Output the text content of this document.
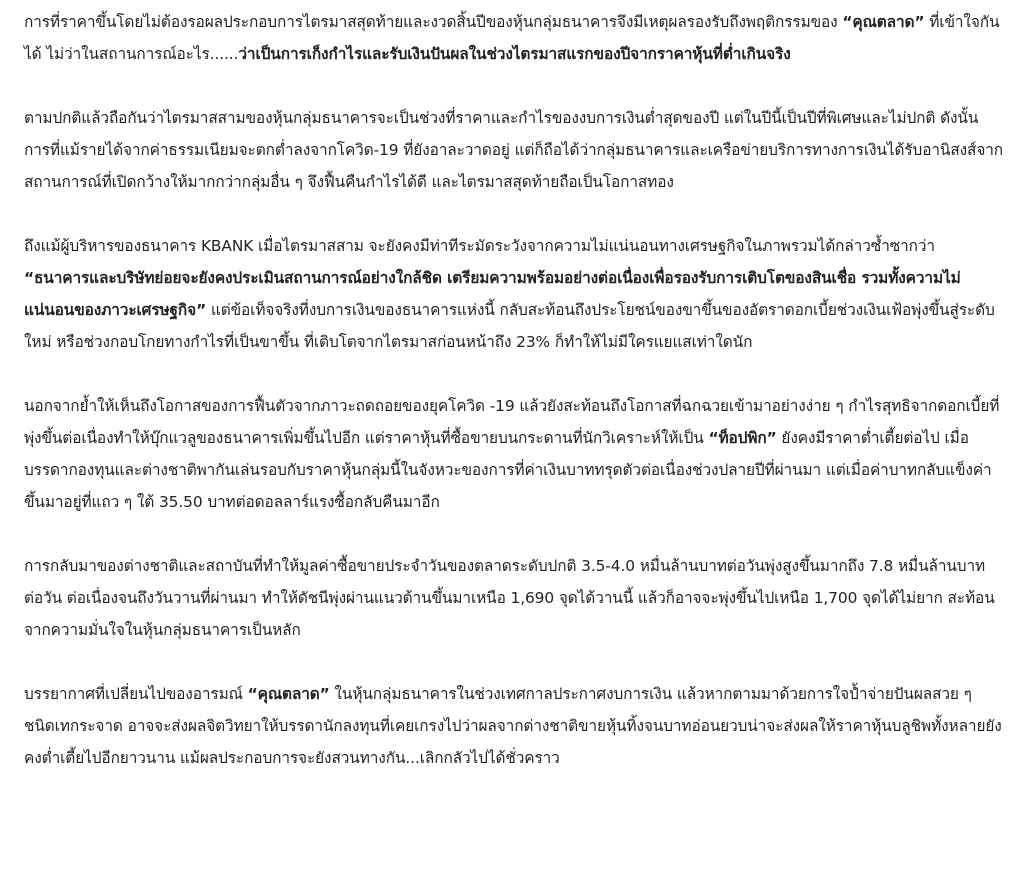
การที่ราคาขึ้นโดยไม่ต้องรอผลประกอบการไตรมาสสุดท้ายและงวดสิ้นปีของหุ้นกลุ่มธนาคารจึงมีเหตุผลรองรับถึงพฤติกรรมของ “คุณตลาด” ที่เข้าใจกันได้ ไม่ว่าในสถานการณ์อะไร......ว่าเป็นการเก็งกำไรและรับเงินปันผลในช่วงไตรมาสแรกของปีจากราคาหุ้นที่ต่ำเกินจริง

ตามปกติแล้วถือกันว่าไตรมาสสามของหุ้นกลุ่มธนาคารจะเป็นช่วงที่ราคาและกำไรของงบการเงินต่ำสุดของปี แต่ในปีนี้เป็นปีที่พิเศษและไม่ปกติ ดังนั้น การที่แม้รายได้จากค่าธรรมเนียมจะตกต่ำลงจากโควิด-19 ที่ยังอาละวาดอยู่ แต่ก็ถือได้ว่ากลุ่มธนาคารและเครือข่ายบริการทางการเงินได้รับอานิสงส์จากสถานการณ์ที่เปิดกว้างให้มากกว่ากลุ่มอื่น ๆ จึงฟื้นคืนกำไรได้ดี และไตรมาสสุดท้ายถือเป็นโอกาสทอง

ถึงแม้ผู้บริหารของธนาคาร KBANK เมื่อไตรมาสสาม จะยังคงมีท่าทีระมัดระวังจากความไม่แน่นอนทางเศรษฐกิจในภาพรวมได้กล่าวซ้ำซากว่า “ธนาคารและบริษัทย่อยจะยังคงประเมินสถานการณ์อย่างใกล้ชิด เตรียมความพร้อมอย่างต่อเนื่องเพื่อรองรับการเติบโตของสินเชื่อ รวมทั้งความไม่แน่นอนของภาวะเศรษฐกิจ” แต่ข้อเท็จจริงที่งบการเงินของธนาคารแห่งนี้ กลับสะท้อนถึงประโยชน์ของขาขึ้นของอัตราดอกเบี้ยช่วงเงินเฟ้อพุ่งขึ้นสู่ระดับใหม่ หรือช่วงกอบโกยทางกำไรที่เป็นขาขึ้น ที่เติบโตจากไตรมาสก่อนหน้าถึง 23% ก็ทำให้ไม่มีใครแยแสเท่าใดนัก

นอกจากย้ำให้เห็นถึงโอกาสของการฟื้นตัวจากภาวะถดถอยของยุคโควิด -19 แล้วยังสะท้อนถึงโอกาสที่ฉกฉวยเข้ามาอย่างง่าย ๆ กำไรสุทธิจากดอกเบี้ยที่พุ่งขึ้นต่อเนื่องทำให้บุ๊กแวลูของธนาคารเพิ่มขึ้นไปอีก แต่ราคาหุ้นที่ซื้อขายบนกระดานที่นักวิเคราะห์ให้เป็น “ท็อปพิก” ยังคงมีราคาต่ำเตี้ยต่อไป เมื่อบรรดากองทุนและต่างชาติพากันเล่นรอบกับราคาหุ้นกลุ่มนี้ในจังหวะของการที่ค่าเงินบาททรุดตัวต่อเนื่องช่วงปลายปีที่ผ่านมา แต่เมื่อค่าบาทกลับแข็งค่าขึ้นมาอยู่ที่แถว ๆ ใต้ 35.50 บาทต่อดอลลาร์แรงซื้อกลับคืนมาอีก

การกลับมาของต่างชาติและสถาบันที่ทำให้มูลค่าซื้อขายประจำวันของตลาดระดับปกติ 3.5-4.0 หมื่นล้านบาทต่อวันพุ่งสูงขึ้นมากถึง 7.8 หมื่นล้านบาทต่อวัน ต่อเนื่องจนถึงวันวานที่ผ่านมา ทำให้ดัชนีพุ่งผ่านแนวต้านขึ้นมาเหนือ 1,690 จุดได้วานนี้ แล้วก็อาจจะพุ่งขึ้นไปเหนือ 1,700 จุดได้ไม่ยาก สะท้อนจากความมั่นใจในหุ้นกลุ่มธนาคารเป็นหลัก

บรรยากาศที่เปลี่ยนไปของอารมณ์ “คุณตลาด” ในหุ้นกลุ่มธนาคารในช่วงเทศกาลประกาศงบการเงิน แล้วหากตามมาด้วยการใจป้ำจ่ายปันผลสวย ๆ ชนิดเทกระจาด อาจจะส่งผลจิตวิทยาให้บรรดานักลงทุนที่เคยเกรงไปว่าผลจากต่างชาติขายหุ้นทิ้งจนบาทอ่อนยวบน่าจะส่งผลให้ราคาหุ้นบลูชิพทั้งหลายยังคงต่ำเตี้ยไปอีกยาวนาน แม้ผลประกอบการจะยังสวนทางกัน...เลิกกลัวไปได้ชั่วคราว
